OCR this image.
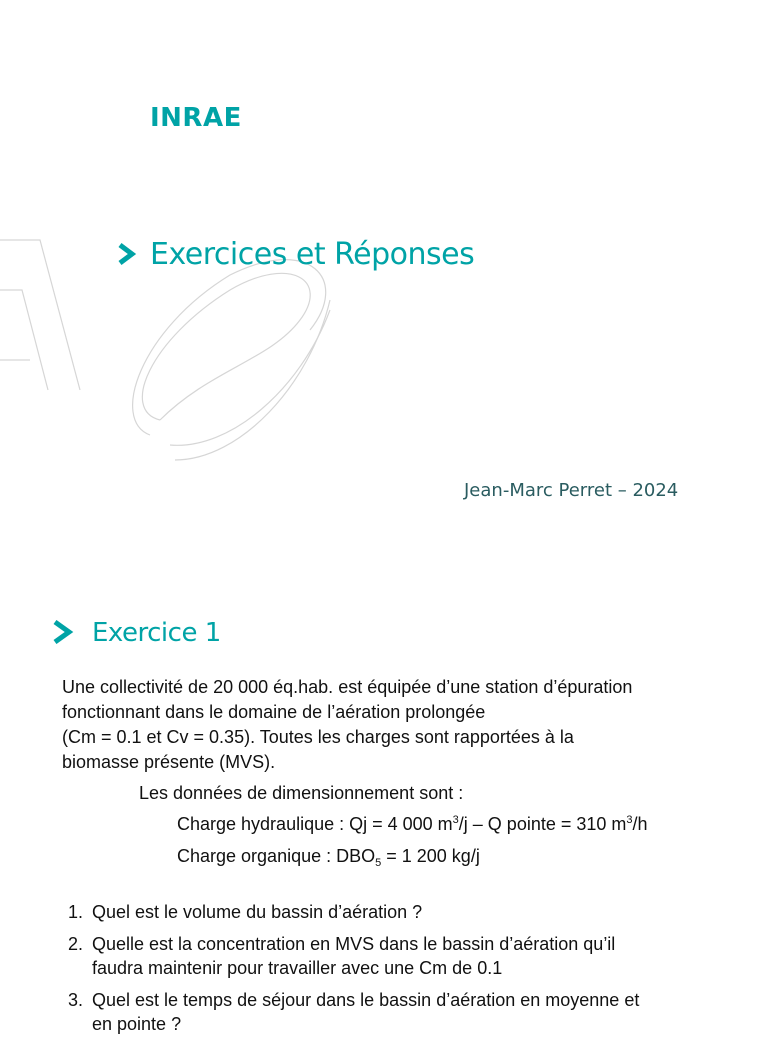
INRAE
Exercices et Réponses
Jean-Marc Perret – 2024
Exercice 1
Une collectivité de 20 000 éq.hab. est équipée d’une station d’épuration
fonctionnant dans le domaine de l’aération prolongée
(Cm = 0.1 et Cv = 0.35). Toutes les charges sont rapportées à la
biomasse présente (MVS).
Les données de dimensionnement sont :
Charge hydraulique : Qj = 4 000 $m^3/j$ – Q pointe = 310 $m^3/h$
Charge organique : $DBO_5 = 1$ 200 kg/j
1. Quel est le volume du bassin d’aération ?
2. Quelle est la concentration en MVS dans le bassin d’aération qu’il
faudra maintenir pour travailler avec une Cm de 0.1
3. Quel est le temps de séjour dans le bassin d’aération en moyenne et
en pointe ?
